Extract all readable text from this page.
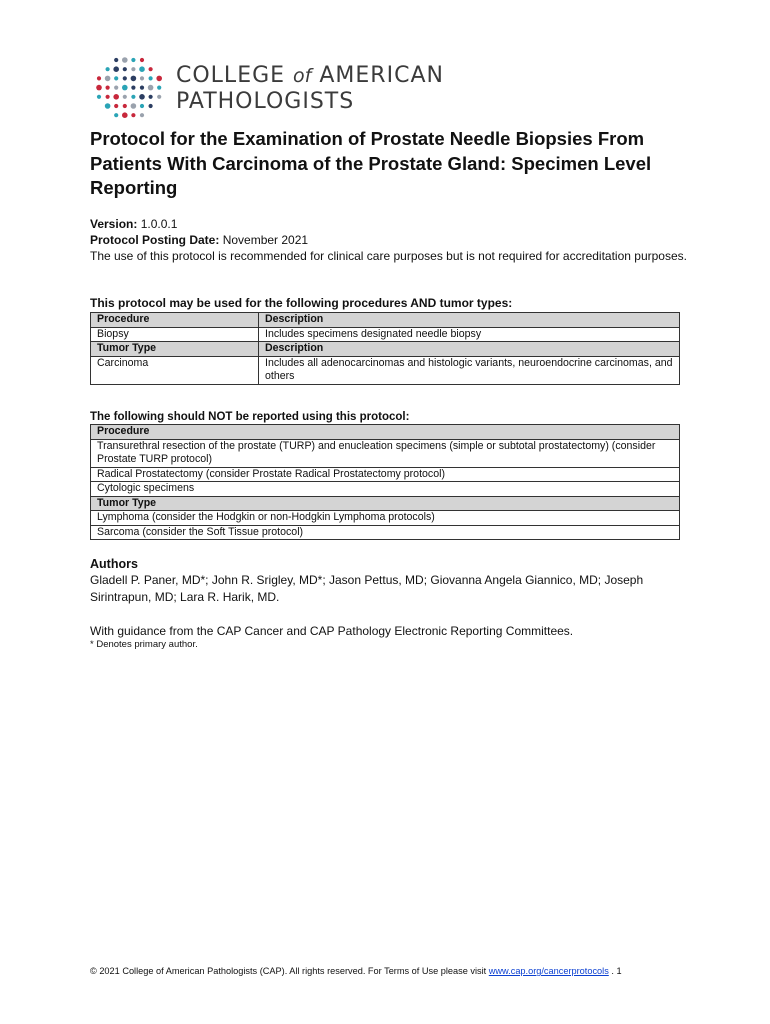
COLLEGE of AMERICAN
PATHOLOGISTS
Protocol for the Examination of Prostate Needle Biopsies From Patients With Carcinoma of the Prostate Gland: Specimen Level Reporting

Version: 1.0.0.1

Protocol Posting Date: November 2021

The use of this protocol is recommended for clinical care purposes but is not required for accreditation purposes.

This protocol may be used for the following procedures AND tumor types:
Procedure	Description
Biopsy	Includes specimens designated needle biopsy
Tumor Type	Description
Carcinoma	Includes all adenocarcinomas and histologic variants, neuroendocrine carcinomas, and others
The following should NOT be reported using this protocol:
Procedure
Transurethral resection of the prostate (TURP) and enucleation specimens (simple or subtotal prostatectomy) (consider Prostate TURP protocol)
Radical Prostatectomy (consider Prostate Radical Prostatectomy protocol)
Cytologic specimens
Tumor Type
Lymphoma (consider the Hodgkin or non-Hodgkin Lymphoma protocols)
Sarcoma (consider the Soft Tissue protocol)
Authors
Gladell P. Paner, MD*; John R. Srigley, MD*; Jason Pettus, MD; Giovanna Angela Giannico, MD; Joseph Sirintrapun, MD; Lara R. Harik, MD.
With guidance from the CAP Cancer and CAP Pathology Electronic Reporting Committees.
* Denotes primary author.
© 2021 College of American Pathologists (CAP). All rights reserved. For Terms of Use please visit www.cap.org/cancerprotocols . 1
